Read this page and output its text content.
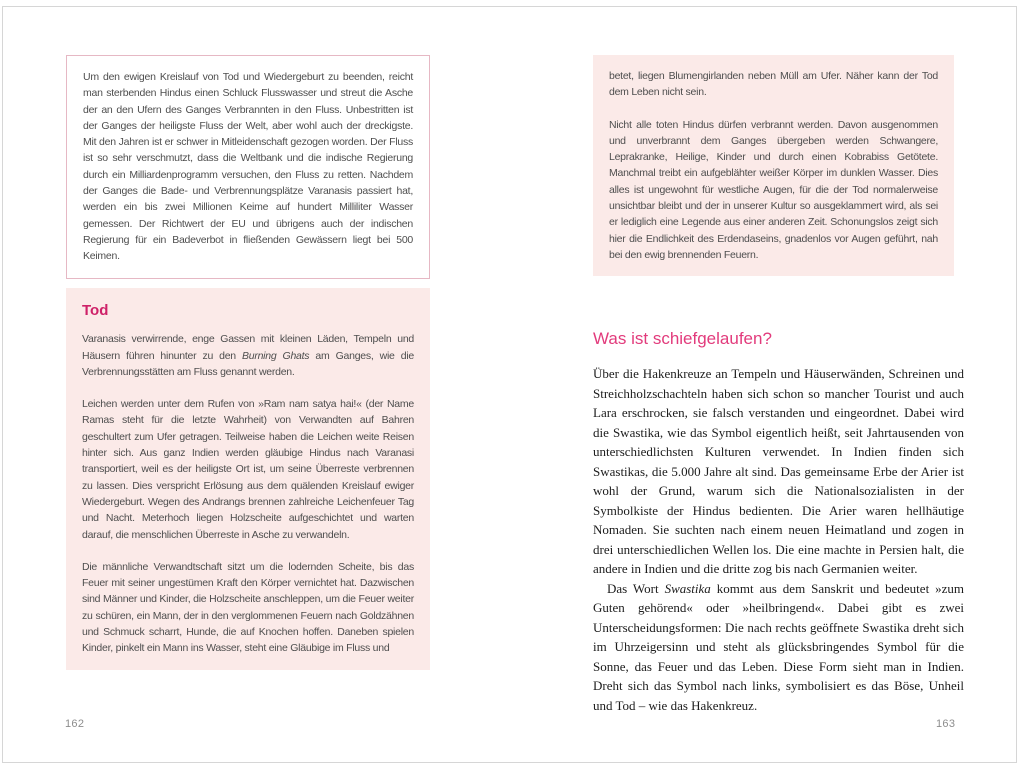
Um den ewigen Kreislauf von Tod und Wiedergeburt zu beenden, reicht man sterbenden Hindus einen Schluck Flusswasser und streut die Asche der an den Ufern des Ganges Verbrannten in den Fluss. Unbestritten ist der Ganges der heiligste Fluss der Welt, aber wohl auch der dreckigste. Mit den Jahren ist er schwer in Mitleidenschaft gezogen worden. Der Fluss ist so sehr verschmutzt, dass die Weltbank und die indische Regierung durch ein Milliardenprogramm versuchen, den Fluss zu retten. Nachdem der Ganges die Bade- und Verbrennungsplätze Varanasis passiert hat, werden ein bis zwei Millionen Keime auf hundert Milliliter Wasser gemessen. Der Richtwert der EU und übrigens auch der indischen Regierung für ein Badeverbot in fließenden Gewässern liegt bei 500 Keimen.

Tod

Varanasis verwirrende, enge Gassen mit kleinen Läden, Tempeln und Häusern führen hinunter zu den Burning Ghats am Ganges, wie die Verbrennungsstätten am Fluss genannt werden.

Leichen werden unter dem Rufen von »Ram nam satya hai!« (der Name Ramas steht für die letzte Wahrheit) von Verwandten auf Bahren geschultert zum Ufer getragen. Teilweise haben die Leichen weite Reisen hinter sich. Aus ganz Indien werden gläubige Hindus nach Varanasi transportiert, weil es der heiligste Ort ist, um seine Überreste verbrennen zu lassen. Dies verspricht Erlösung aus dem quälenden Kreislauf ewiger Wiedergeburt. Wegen des Andrangs brennen zahlreiche Leichenfeuer Tag und Nacht. Meterhoch liegen Holzscheite aufgeschichtet und warten darauf, die menschlichen Überreste in Asche zu verwandeln.

Die männliche Verwandtschaft sitzt um die lodernden Scheite, bis das Feuer mit seiner ungestümen Kraft den Körper vernichtet hat. Dazwischen sind Männer und Kinder, die Holzscheite anschleppen, um die Feuer weiter zu schüren, ein Mann, der in den verglommenen Feuern nach Goldzähnen und Schmuck scharrt, Hunde, die auf Knochen hoffen. Daneben spielen Kinder, pinkelt ein Mann ins Wasser, steht eine Gläubige im Fluss und

162

betet, liegen Blumengirlanden neben Müll am Ufer. Näher kann der Tod dem Leben nicht sein.

Nicht alle toten Hindus dürfen verbrannt werden. Davon ausgenommen und unverbrannt dem Ganges übergeben werden Schwangere, Leprakranke, Heilige, Kinder und durch einen Kobrabiss Getötete. Manchmal treibt ein aufgeblähter weißer Körper im dunklen Wasser. Dies alles ist ungewohnt für westliche Augen, für die der Tod normalerweise unsichtbar bleibt und der in unserer Kultur so ausgeklammert wird, als sei er lediglich eine Legende aus einer anderen Zeit. Schonungslos zeigt sich hier die Endlichkeit des Erdendaseins, gnadenlos vor Augen geführt, nah bei den ewig brennenden Feuern.

Was ist schiefgelaufen?

Über die Hakenkreuze an Tempeln und Häuserwänden, Schreinen und Streichholzschachteln haben sich schon so mancher Tourist und auch Lara erschrocken, sie falsch verstanden und eingeordnet. Dabei wird die Swastika, wie das Symbol eigentlich heißt, seit Jahrtausenden von unterschiedlichsten Kulturen verwendet. In Indien finden sich Swastikas, die 5.000 Jahre alt sind. Das gemeinsame Erbe der Arier ist wohl der Grund, warum sich die Nationalsozialisten in der Symbolkiste der Hindus bedienten. Die Arier waren hellhäutige Nomaden. Sie suchten nach einem neuen Heimatland und zogen in drei unterschiedlichen Wellen los. Die eine machte in Persien halt, die andere in Indien und die dritte zog bis nach Germanien weiter.

Das Wort Swastika kommt aus dem Sanskrit und bedeutet »zum Guten gehörend« oder »heilbringend«. Dabei gibt es zwei Unterscheidungsformen: Die nach rechts geöffnete Swastika dreht sich im Uhrzeigersinn und steht als glücksbringendes Symbol für die Sonne, das Feuer und das Leben. Diese Form sieht man in Indien. Dreht sich das Symbol nach links, symbolisiert es das Böse, Unheil und Tod – wie das Hakenkreuz.

163
